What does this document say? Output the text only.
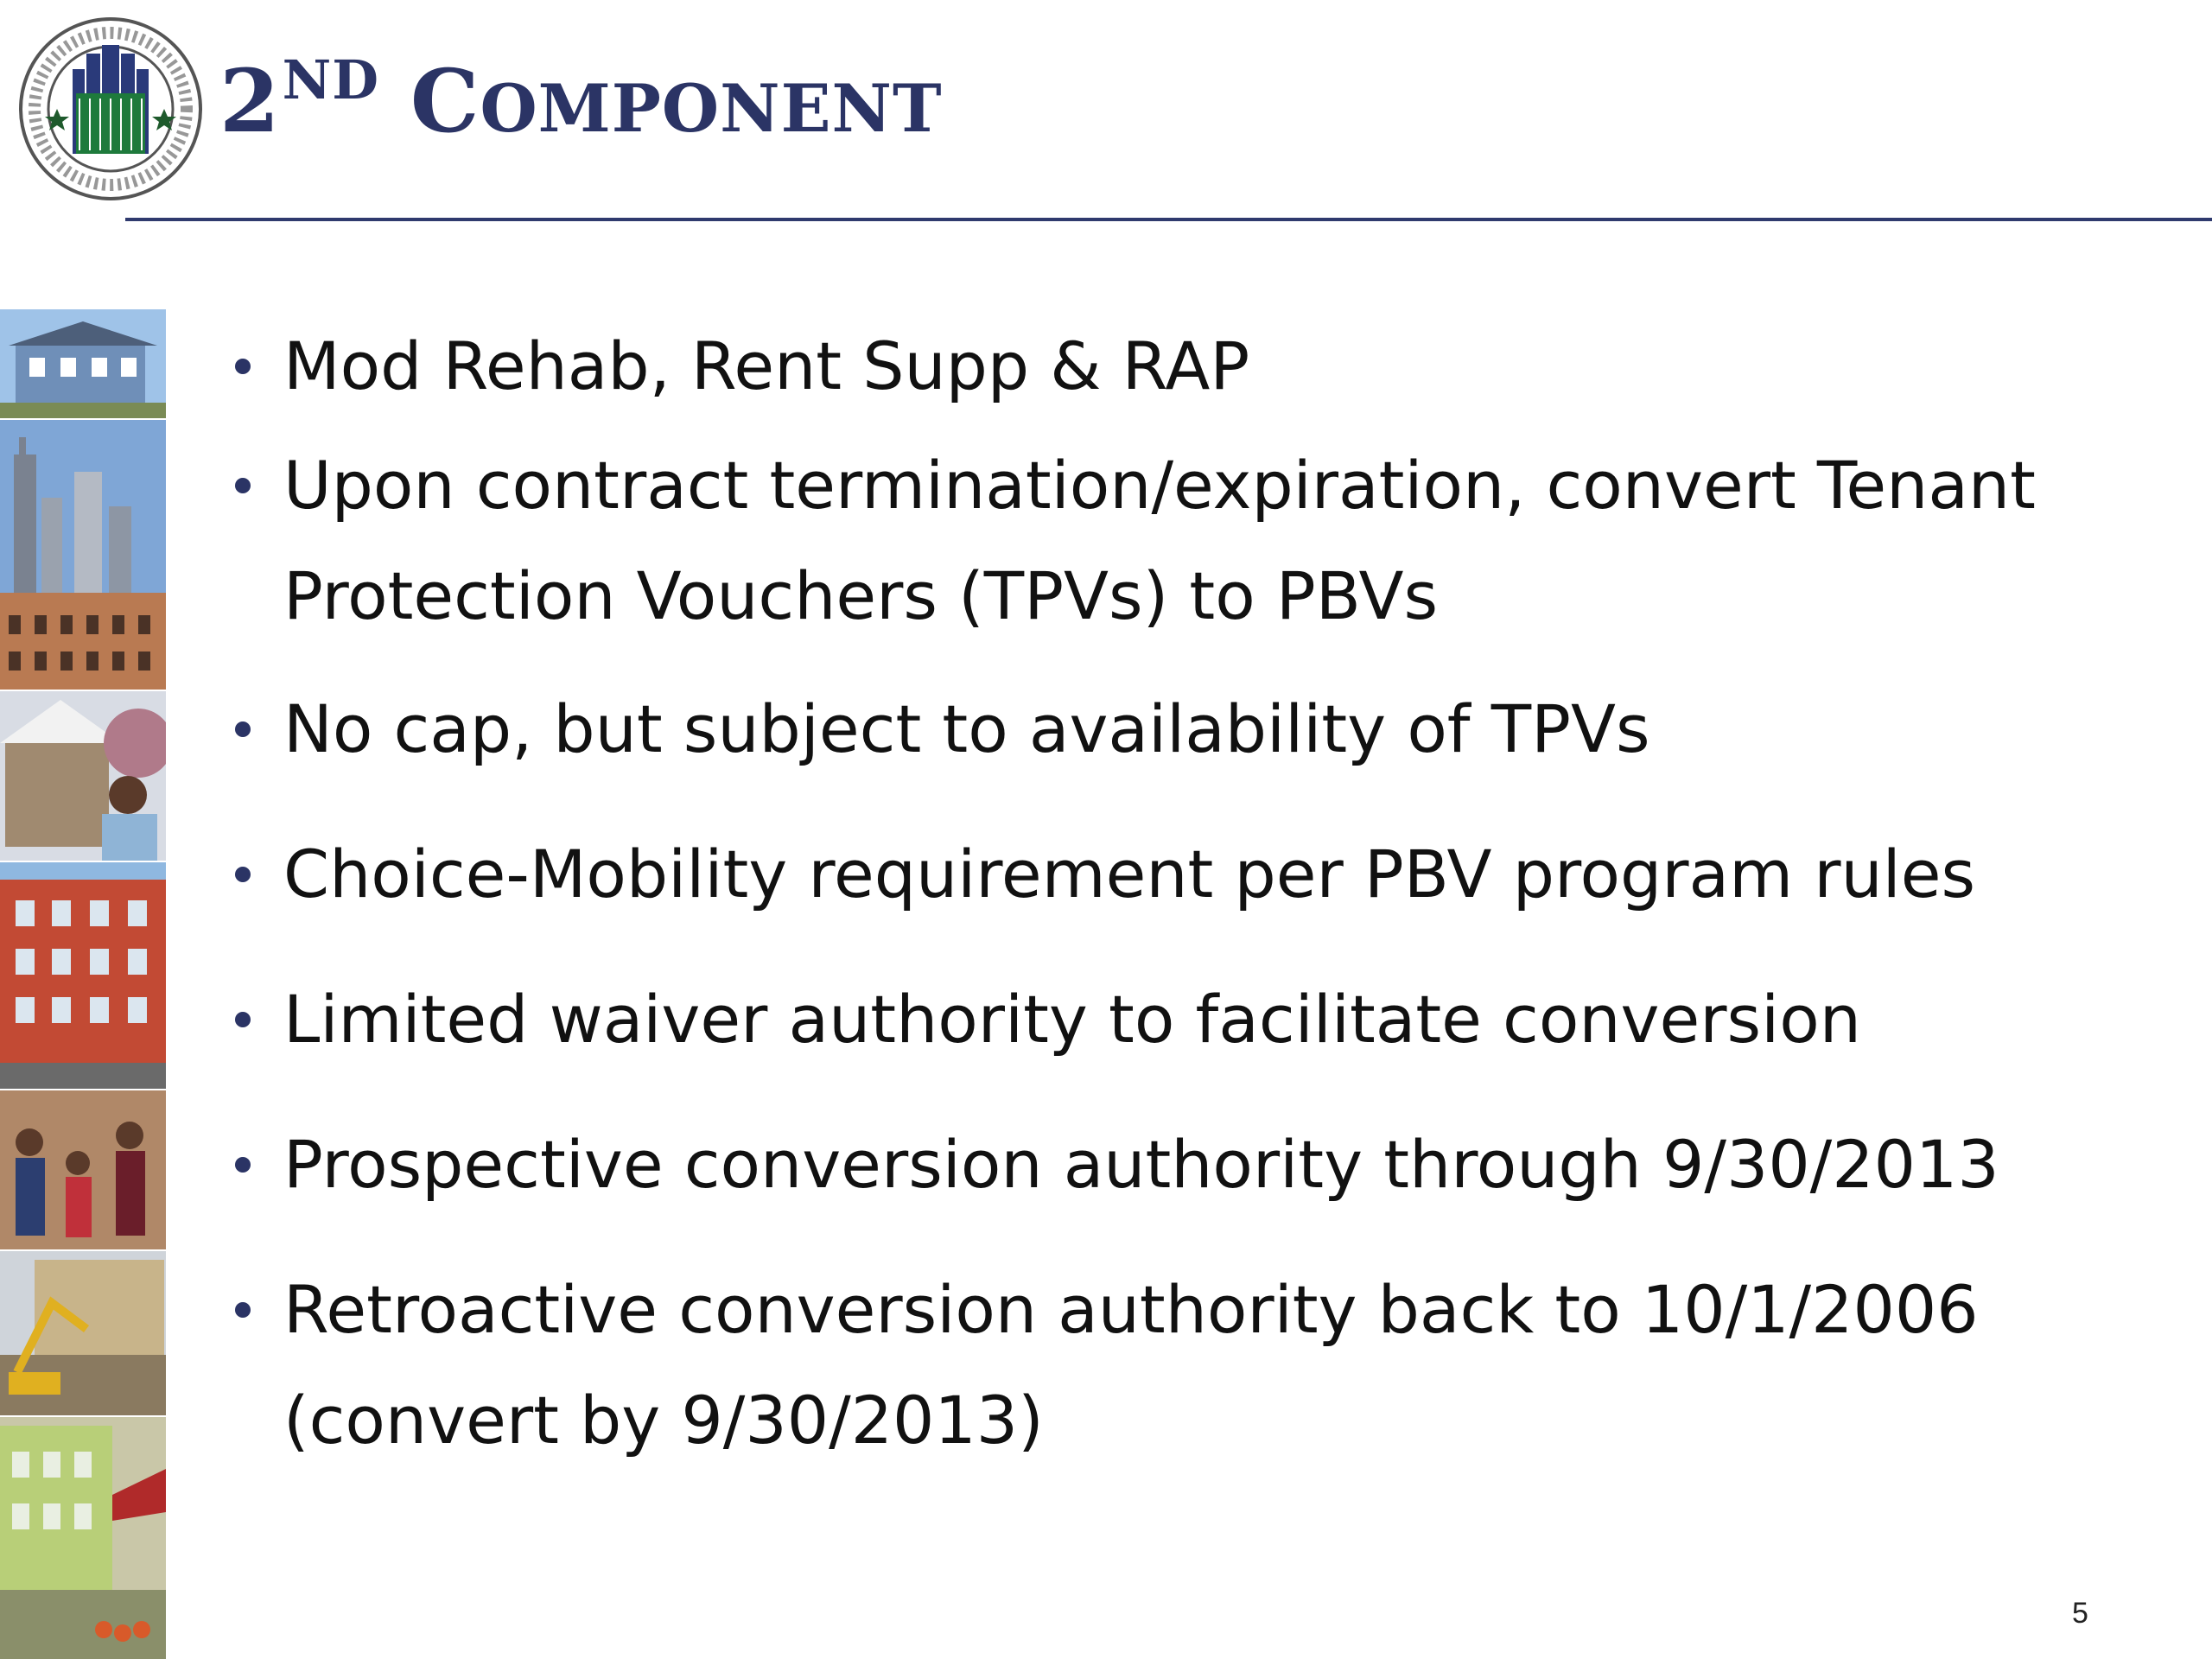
2ND COMPONENT
Mod Rehab, Rent Supp & RAP
Upon contract termination/expiration, convert Tenant
Protection Vouchers (TPVs) to PBVs
No cap, but subject to availability of TPVs
Choice-Mobility requirement per PBV program rules
Limited waiver authority to facilitate conversion
Prospective conversion authority through 9/30/2013
Retroactive conversion authority back to 10/1/2006
(convert by 9/30/2013)
5
